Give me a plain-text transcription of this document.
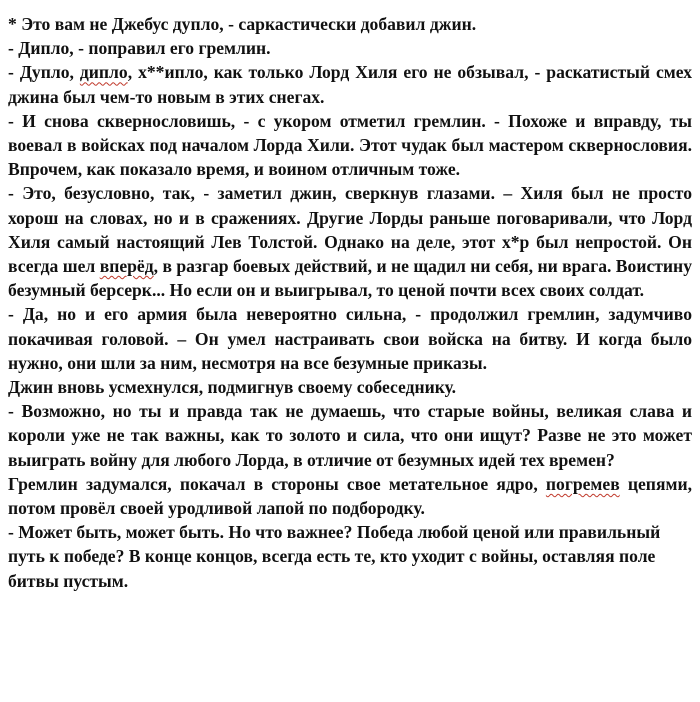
* Это вам не Джебус дупло, - саркастически добавил джин.

- Дипло, - поправил его гремлин.

- Дупло, дипло, х**ипло, как только Лорд Хиля его не обзывал, - раскатистый смех джина был чем-то новым в этих снегах.

- И снова сквернословишь, - с укором отметил гремлин. - Похоже и вправду, ты воевал в войсках под началом Лорда Хили. Этот чудак был мастером сквернословия. Впрочем, как показало время, и воином отличным тоже.

- Это, безусловно, так, - заметил джин, сверкнув глазами. – Хиля был не просто хорош на словах, но и в сражениях. Другие Лорды раньше поговаривали, что Лорд Хиля самый настоящий Лев Толстой. Однако на деле, этот х*р был непростой. Он всегда шел вперёд, в разгар боевых действий, и не щадил ни себя, ни врага. Воистину безумный берсерк... Но если он и выигрывал, то ценой почти всех своих солдат.

- Да, но и его армия была невероятно сильна, - продолжил гремлин, задумчиво покачивая головой. – Он умел настраивать свои войска на битву. И когда было нужно, они шли за ним, несмотря на все безумные приказы.

Джин вновь усмехнулся, подмигнув своему собеседнику.

- Возможно, но ты и правда так не думаешь, что старые войны, великая слава и короли уже не так важны, как то золото и сила, что они ищут? Разве не это может выиграть войну для любого Лорда, в отличие от безумных идей тех времен?

Гремлин задумался, покачал в стороны свое метательное ядро, погремев цепями, потом провёл своей уродливой лапой по подбородку.

- Может быть, может быть. Но что важнее? Победа любой ценой или правильный путь к победе? В конце концов, всегда есть те, кто уходит с войны, оставляя поле битвы пустым.
